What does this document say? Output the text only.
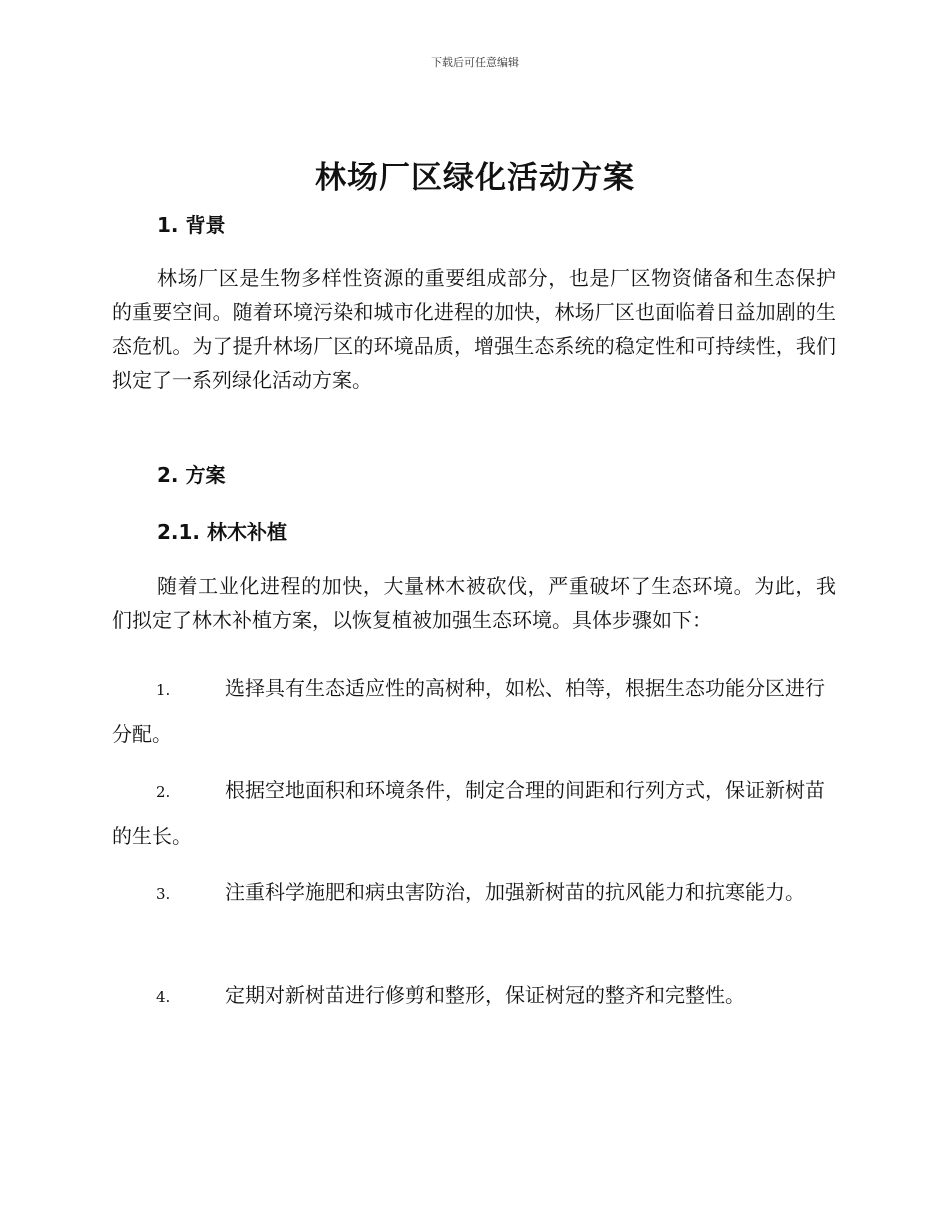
下载后可任意编辑
林场厂区绿化活动方案
1. 背景

林场厂区是生物多样性资源的重要组成部分，也是厂区物资储备和生态保护的重要空间。随着环境污染和城市化进程的加快，林场厂区也面临着日益加剧的生态危机。为了提升林场厂区的环境品质，增强生态系统的稳定性和可持续性，我们拟定了一系列绿化活动方案。

2. 方案
2.1. 林木补植

随着工业化进程的加快，大量林木被砍伐，严重破坏了生态环境。为此，我们拟定了林木补植方案，以恢复植被加强生态环境。具体步骤如下：

1.	选择具有生态适应性的高树种，如松、柏等，根据生态功能分区进行分配。
2.	根据空地面积和环境条件，制定合理的间距和行列方式，保证新树苗的生长。
3.	注重科学施肥和病虫害防治，加强新树苗的抗风能力和抗寒能力。
4.	定期对新树苗进行修剪和整形，保证树冠的整齐和完整性。
